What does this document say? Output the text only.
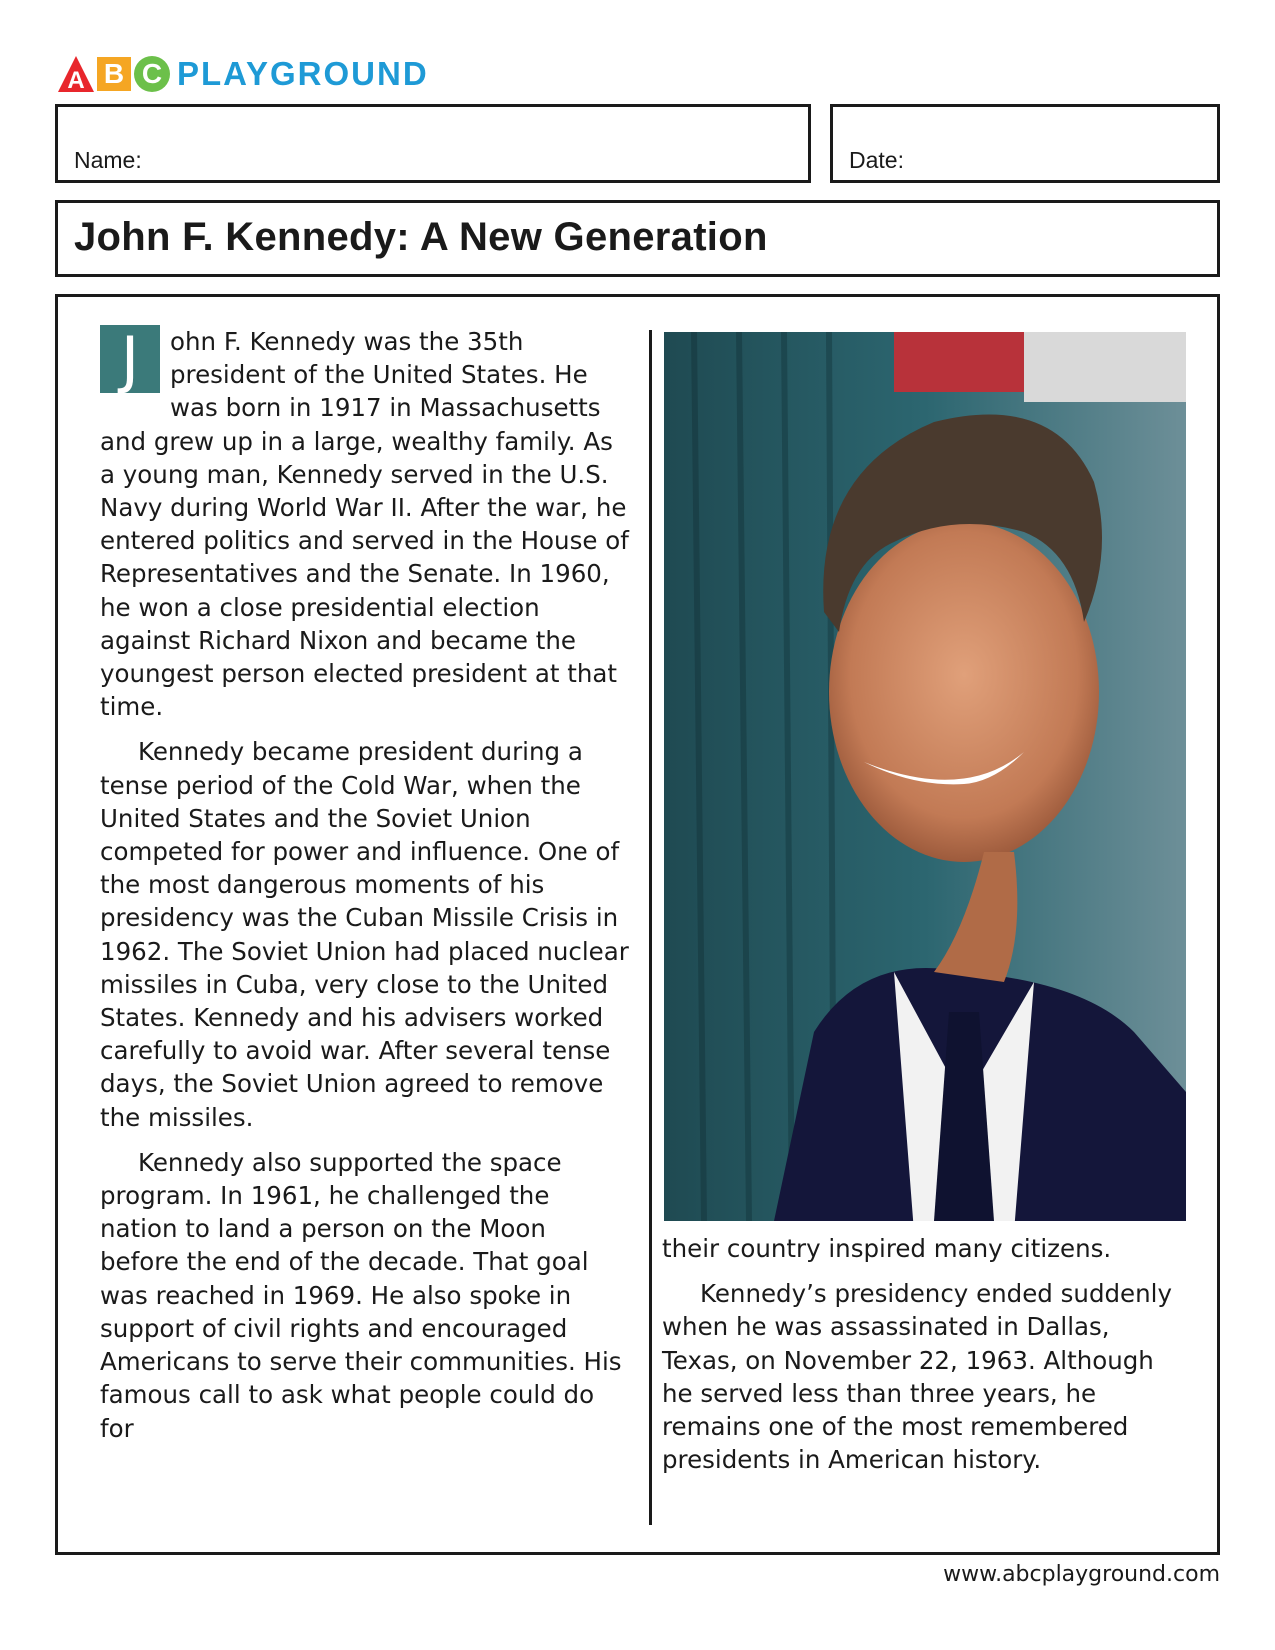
A B C PLAYGROUND
Name:	Date:
John F. Kennedy: A New Generation

J	ohn F. Kennedy was the 35th president of the United States. He was born in 1917 in Massachusetts and grew up in a large, wealthy family. As a young man, Kennedy served in the U.S. Navy during World War II. After the war, he entered politics and served in the House of Representatives and the Senate. In 1960, he won a close presidential election against Richard Nixon and became the youngest person elected president at that time.

Kennedy became president during a tense period of the Cold War, when the United States and the Soviet Union competed for power and influence. One of the most dangerous moments of his presidency was the Cuban Missile Crisis in 1962. The Soviet Union had placed nuclear missiles in Cuba, very close to the United States. Kennedy and his advisers worked carefully to avoid war. After several tense days, the Soviet Union agreed to remove the missiles.

Kennedy also supported the space program. In 1961, he challenged the nation to land a person on the Moon before the end of the decade. That goal was reached in 1969. He also spoke in support of civil rights and encouraged Americans to serve their communities. His famous call to ask what people could do for

their country inspired many citizens.

Kennedy’s presidency ended suddenly when he was assassinated in Dallas, Texas, on November 22, 1963. Although he served less than three years, he remains one of the most remembered presidents in American history.

www.abcplayground.com
